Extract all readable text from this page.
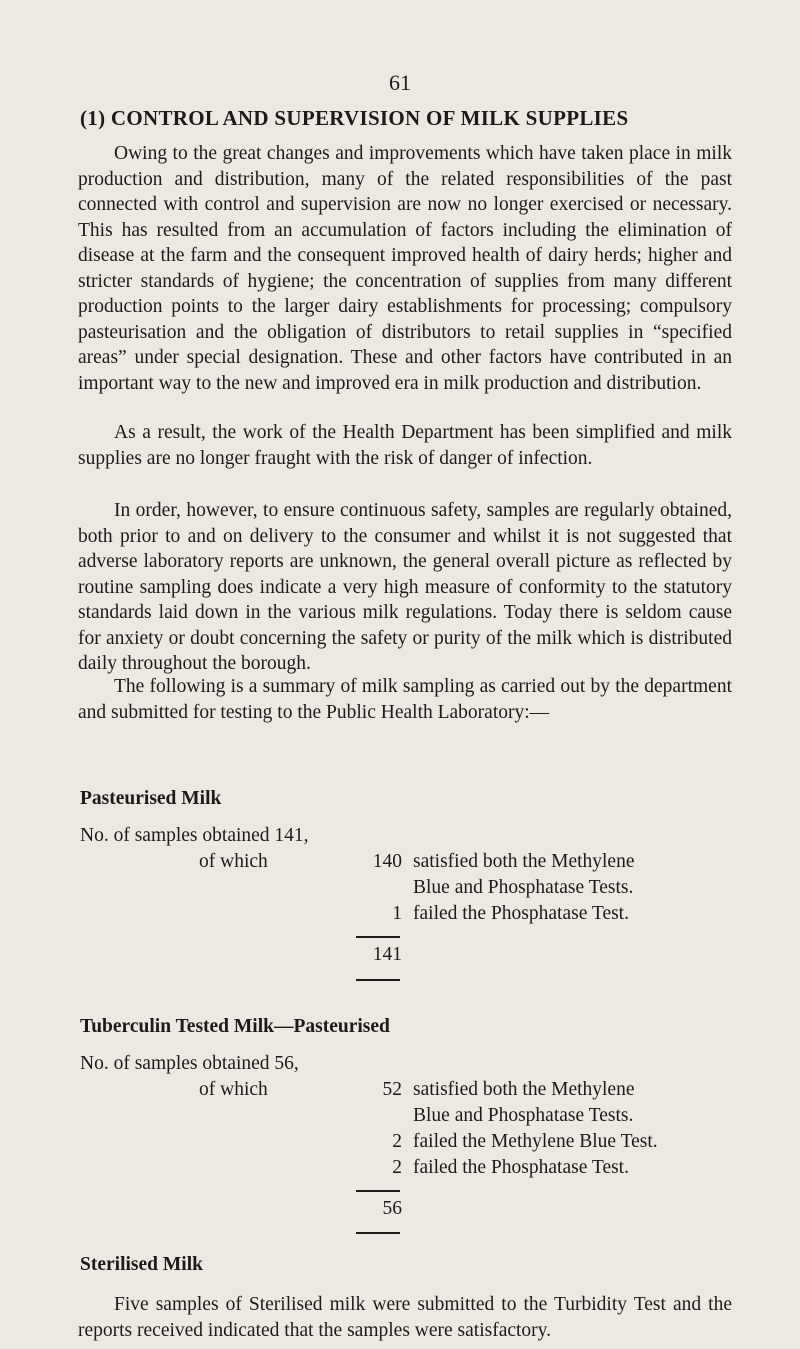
61
(1) CONTROL AND SUPERVISION OF MILK SUPPLIES

Owing to the great changes and improvements which have taken place in milk production and distribution, many of the related responsibilities of the past connected with control and supervision are now no longer exercised or necessary. This has resulted from an accumulation of factors including the elimination of disease at the farm and the consequent improved health of dairy herds; higher and stricter standards of hygiene; the concentration of supplies from many different production points to the larger dairy establishments for processing; compulsory pasteurisation and the obligation of distributors to retail supplies in “specified areas” under special designation. These and other factors have contributed in an important way to the new and improved era in milk production and distribution.

As a result, the work of the Health Department has been simplified and milk supplies are no longer fraught with the risk of danger of infection.

In order, however, to ensure continuous safety, samples are regularly obtained, both prior to and on delivery to the consumer and whilst it is not suggested that adverse laboratory reports are unknown, the general overall picture as reflected by routine sampling does indicate a very high measure of conformity to the statutory standards laid down in the various milk regulations. Today there is seldom cause for anxiety or doubt concerning the safety or purity of the milk which is distributed daily throughout the borough.

The following is a summary of milk sampling as carried out by the department and submitted for testing to the Public Health Laboratory:—

Pasteurised Milk
No. of samples obtained 141,
of which	140 satisfied both the Methylene
Blue and Phosphatase Tests.
1 failed the Phosphatase Test.
141
Tuberculin Tested Milk—Pasteurised
No. of samples obtained 56,
of which	52 satisfied both the Methylene
Blue and Phosphatase Tests.
2 failed the Methylene Blue Test.
2 failed the Phosphatase Test.
56
Sterilised Milk

Five samples of Sterilised milk were submitted to the Turbidity Test and the reports received indicated that the samples were satisfactory.
